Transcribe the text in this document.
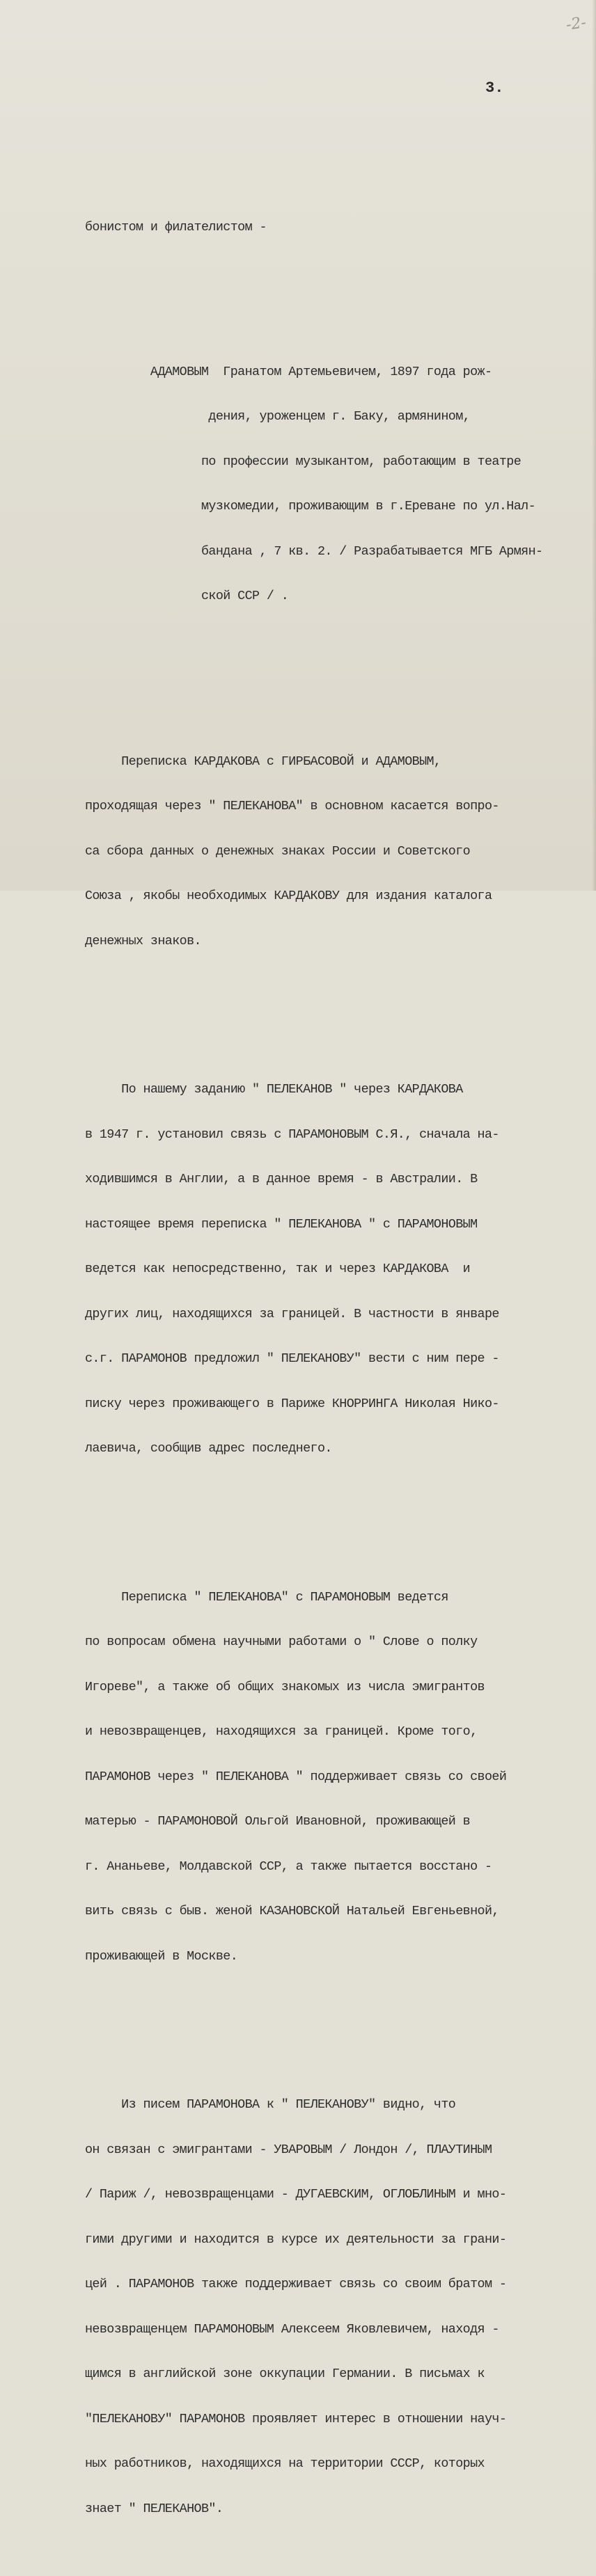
-2-
3.

бонистом и филателистом -

АДАМОВЫМ  Гранатом Артемьевичем, 1897 года рож-

дения, уроженцем г. Баку, армянином,

по профессии музыкантом, работающим в театре

музкомедии, проживающим в г.Ереване по ул.Нал-

бандана , 7 кв. 2. / Разрабатывается МГБ Армян-

ской ССР / .

Переписка КАРДАКОВА с ГИРБАСОВОЙ и АДАМОВЫМ,

проходящая через " ПЕЛЕКАНОВА" в основном касается вопро-

са сбора данных о денежных знаках России и Советского

Союза , якобы необходимых КАРДАКОВУ для издания каталога

денежных знаков.

По нашему заданию " ПЕЛЕКАНОВ " через КАРДАКОВА

в 1947 г. установил связь с ПАРАМОНОВЫМ С.Я., сначала на-

ходившимся в Англии, а в данное время - в Австралии. В

настоящее время переписка " ПЕЛЕКАНОВА " с ПАРАМОНОВЫМ

ведется как непосредственно, так и через КАРДАКОВА  и

других лиц, находящихся за границей. В частности в январе

с.г. ПАРАМОНОВ предложил " ПЕЛЕКАНОВУ" вести с ним пере -

писку через проживающего в Париже КНОРРИНГА Николая Нико-

лаевича, сообщив адрес последнего.

Переписка " ПЕЛЕКАНОВА" с ПАРАМОНОВЫМ ведется

по вопросам обмена научными работами о " Слове о полку

Игореве", а также об общих знакомых из числа эмигрантов

и невозвращенцев, находящихся за границей. Кроме того,

ПАРАМОНОВ через " ПЕЛЕКАНОВА " поддерживает связь со своей

матерью - ПАРАМОНОВОЙ Ольгой Ивановной, проживающей в

г. Ананьеве, Молдавской ССР, а также пытается восстано -

вить связь с быв. женой КАЗАНОВСКОЙ Натальей Евгеньевной,

проживающей в Москве.

Из писем ПАРАМОНОВА к " ПЕЛЕКАНОВУ" видно, что

он связан с эмигрантами - УВАРОВЫМ / Лондон /, ПЛАУТИНЫМ

/ Париж /, невозвращенцами - ДУГАЕВСКИМ, ОГЛОБЛИНЫМ и мно-

гими другими и находится в курсе их деятельности за грани-

цей . ПАРАМОНОВ также поддерживает связь со своим братом -

невозвращенцем ПАРАМОНОВЫМ Алексеем Яковлевичем, находя -

щимся в английской зоне оккупации Германии. В письмах к

"ПЕЛЕКАНОВУ" ПАРАМОНОВ проявляет интерес в отношении науч-

ных работников, находящихся на территории СССР, которых

знает " ПЕЛЕКАНОВ".
